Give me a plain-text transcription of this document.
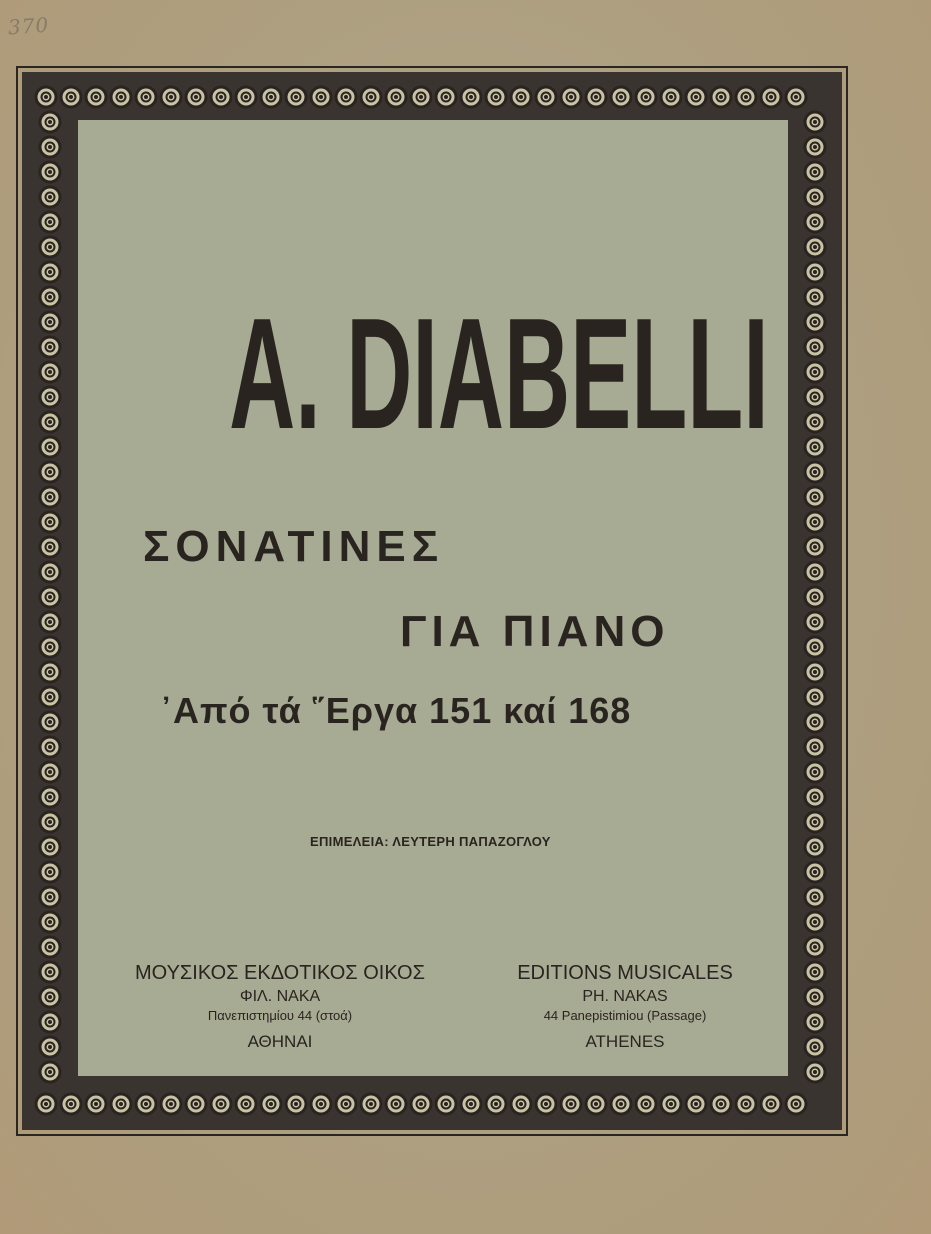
370
A. DIABELLI
ΣΟΝΑΤΙΝΕΣ
ΓΙΑ ΠΙΑΝΟ
᾿Από τά ῞Εργα 151 καί 168
ΕΠΙΜΕΛΕΙΑ: ΛΕΥΤΕΡΗ ΠΑΠΑΖΟΓΛΟΥ
ΜΟΥΣΙΚΟΣ ΕΚΔΟΤΙΚΟΣ ΟΙΚΟΣ
ΦΙΛ. ΝΑΚΑ
Πανεπιστημίου 44 (στοά)
ΑΘΗΝΑΙ
EDITIONS MUSICALES
PH. NAKAS
44 Panepistimiou (Passage)
ATHENES
